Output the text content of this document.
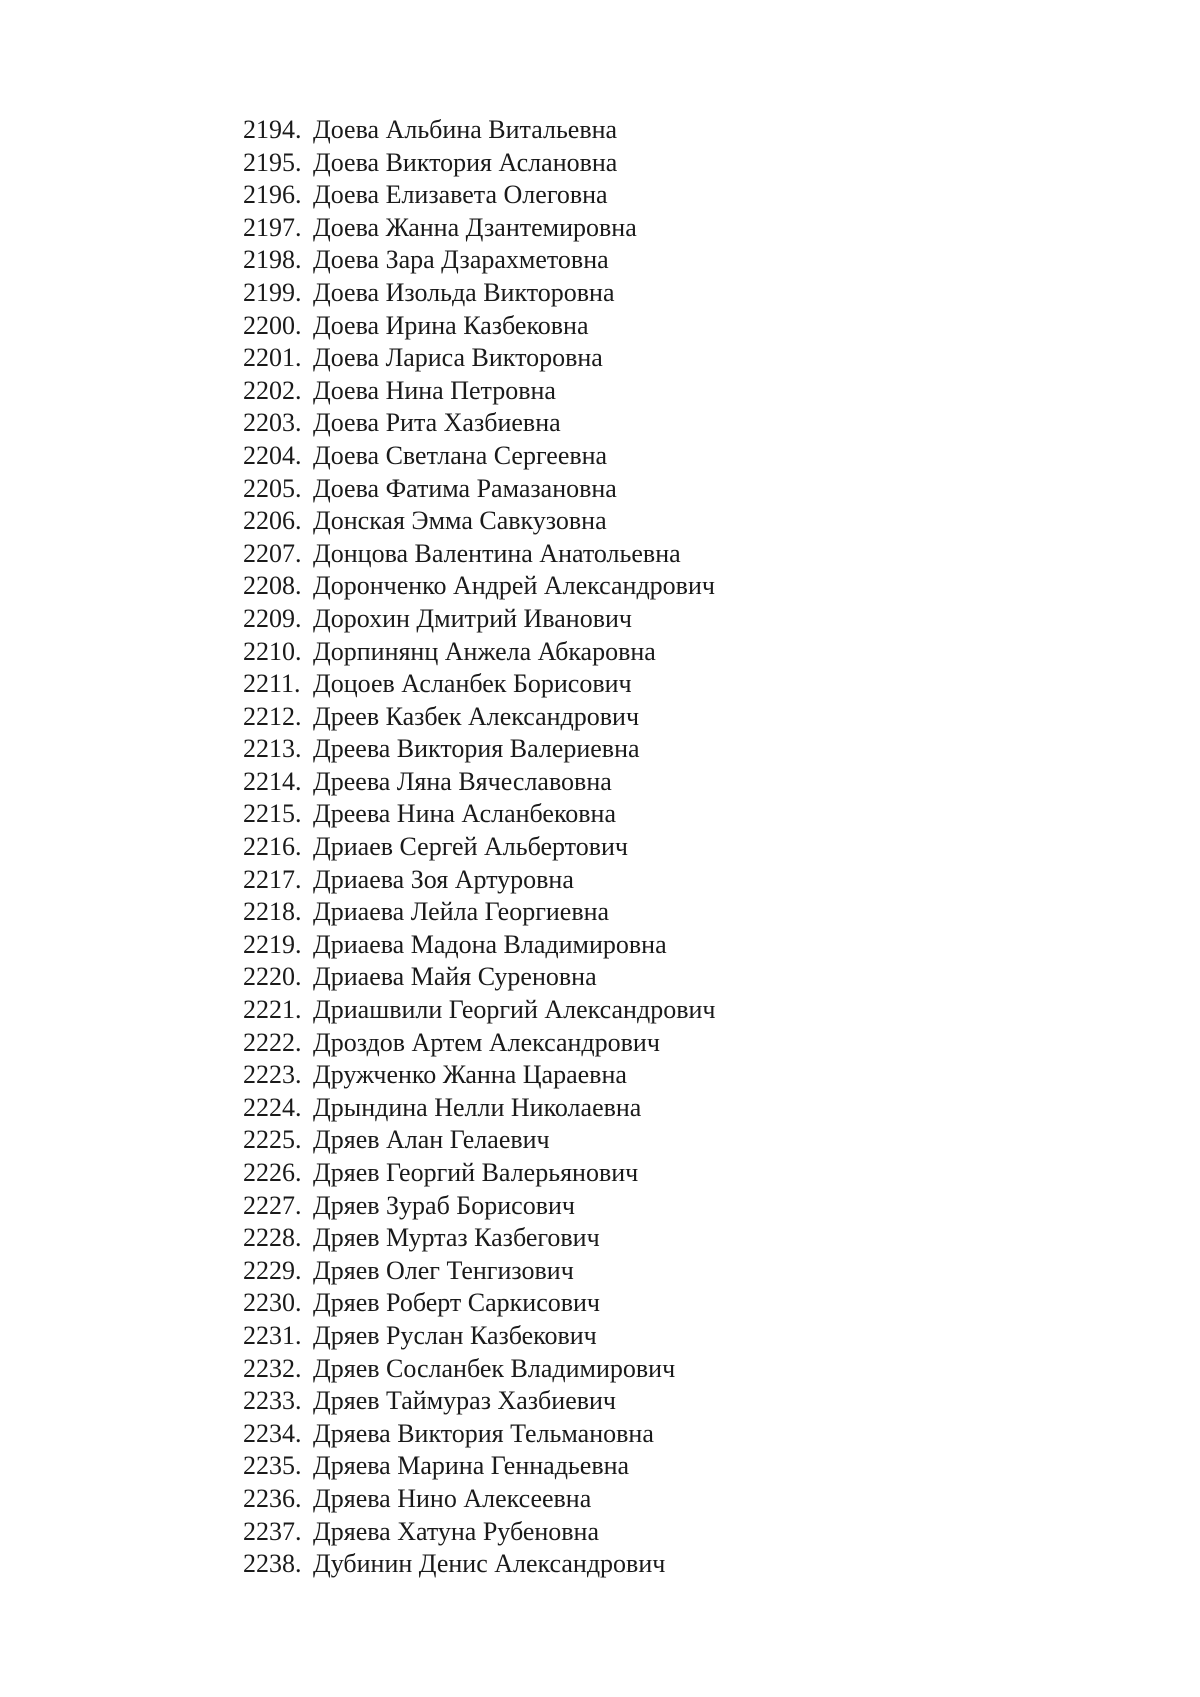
2194. Доева Альбина Витальевна
2195. Доева Виктория Аслановна
2196. Доева Елизавета Олеговна
2197. Доева Жанна Дзантемировна
2198. Доева Зара Дзарахметовна
2199. Доева Изольда Викторовна
2200. Доева Ирина Казбековна
2201. Доева Лариса Викторовна
2202. Доева Нина Петровна
2203. Доева Рита Хазбиевна
2204. Доева Светлана Сергеевна
2205. Доева Фатима Рамазановна
2206. Донская Эмма Савкузовна
2207. Донцова Валентина Анатольевна
2208. Доронченко Андрей Александрович
2209. Дорохин Дмитрий Иванович
2210. Дорпинянц Анжела Абкаровна
2211. Доцоев Асланбек Борисович
2212. Дреев Казбек Александрович
2213. Дреева Виктория Валериевна
2214. Дреева Ляна Вячеславовна
2215. Дреева Нина Асланбековна
2216. Дриаев Сергей Альбертович
2217. Дриаева Зоя Артуровна
2218. Дриаева Лейла Георгиевна
2219. Дриаева Мадона Владимировна
2220. Дриаева Майя Суреновна
2221. Дриашвили Георгий Александрович
2222. Дроздов Артем Александрович
2223. Дружченко Жанна Цараевна
2224. Дрындина Нелли Николаевна
2225. Дряев Алан Гелаевич
2226. Дряев Георгий Валерьянович
2227. Дряев Зураб Борисович
2228. Дряев Муртаз Казбегович
2229. Дряев Олег Тенгизович
2230. Дряев Роберт Саркисович
2231. Дряев Руслан Казбекович
2232. Дряев Сосланбек Владимирович
2233. Дряев Таймураз Хазбиевич
2234. Дряева Виктория Тельмановна
2235. Дряева Марина Геннадьевна
2236. Дряева Нино Алексеевна
2237. Дряева Хатуна Рубеновна
2238. Дубинин Денис Александрович
